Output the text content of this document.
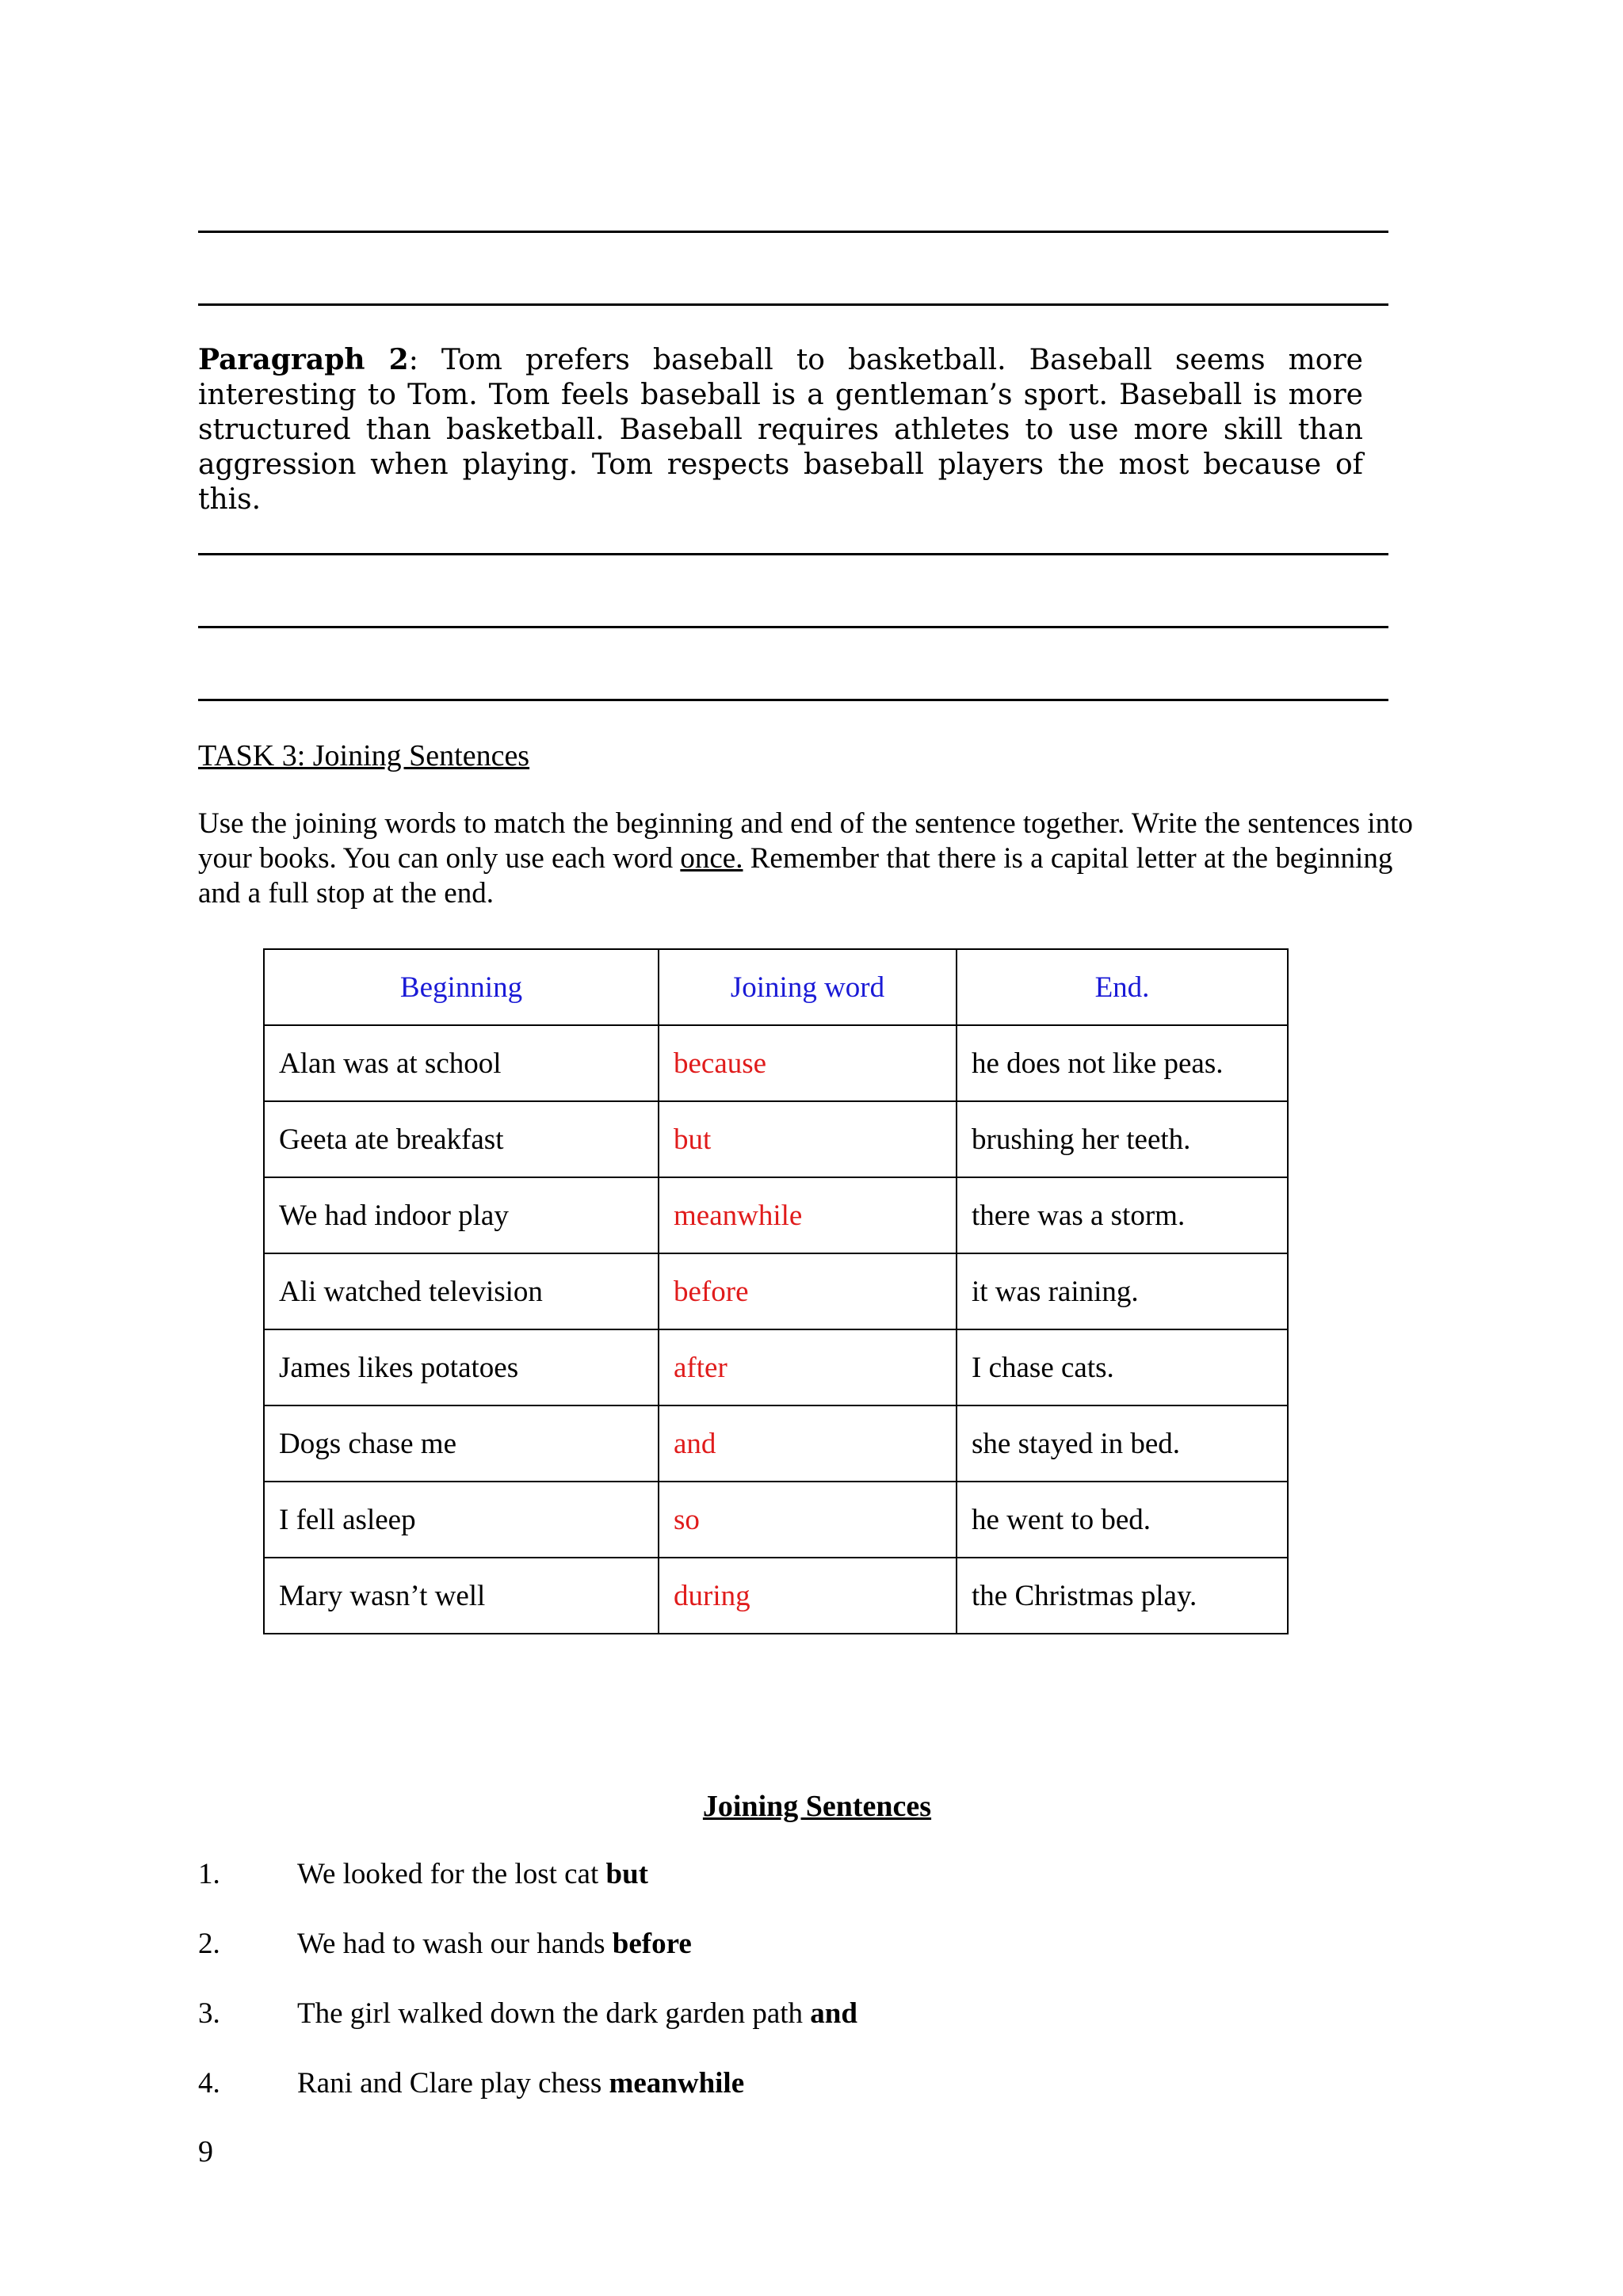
Paragraph 2: Tom prefers baseball to basketball. Baseball seems more interesting to Tom. Tom feels baseball is a gentleman’s sport. Baseball is more structured than basketball. Baseball requires athletes to use more skill than aggression when playing. Tom respects baseball players the most because of this.

TASK 3: Joining Sentences

Use the joining words to match the beginning and end of the sentence together. Write the sentences into your books. You can only use each word once. Remember that there is a capital letter at the beginning and a full stop at the end.

Beginning	Joining word	End.
Alan was at school	because	he does not like peas.
Geeta ate breakfast	but	brushing her teeth.
We had indoor play	meanwhile	there was a storm.
Ali watched television	before	it was raining.
James likes potatoes	after	I chase cats.
Dogs chase me	and	she stayed in bed.
I fell asleep	so	he went to bed.
Mary wasn’t well	during	the Christmas play.
Joining Sentences
1.	We looked for the lost cat but
2.	We had to wash our hands before
3.	The girl walked down the dark garden path and
4.	Rani and Clare play chess meanwhile
9
